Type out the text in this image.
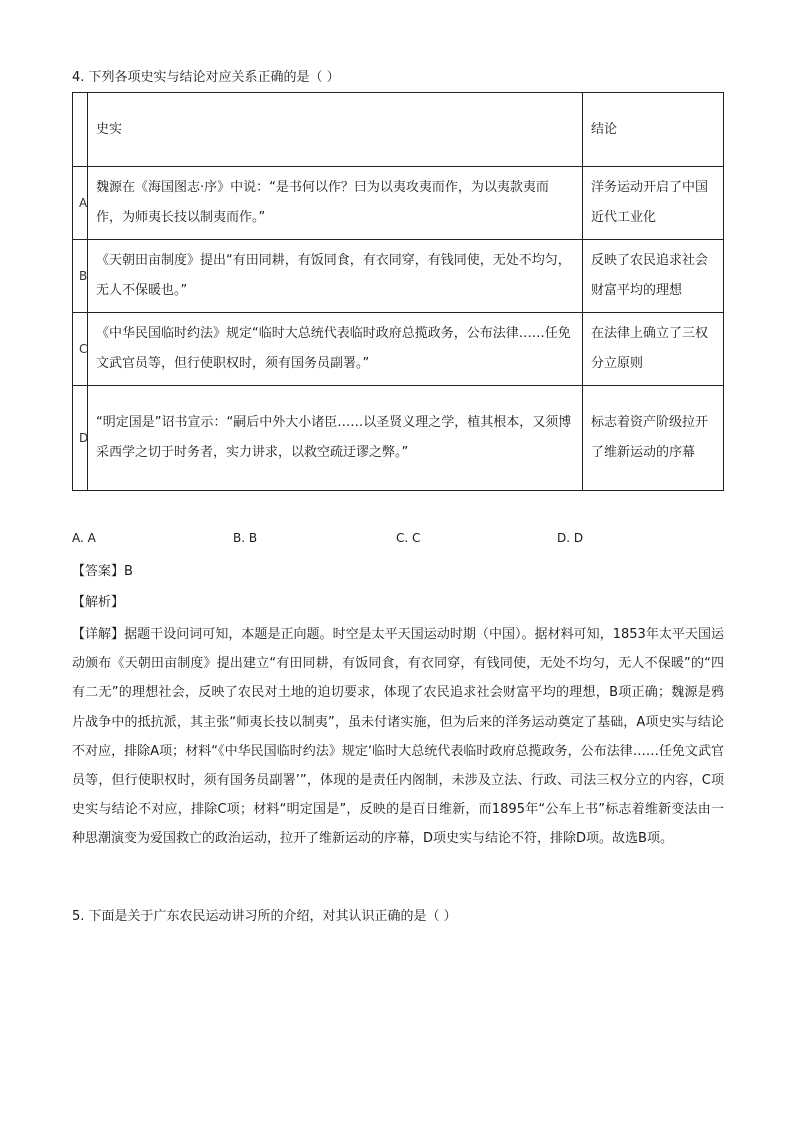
4. 下列各项史实与结论对应关系正确的是（ ）
	史实	结论

A	魏源在《海国图志·序》中说：“是书何以作？曰为以夷攻夷而作，为以夷款夷而作，为师夷长技以制夷而作。”	洋务运动开启了中国近代工业化

B	《天朝田亩制度》提出“有田同耕，有饭同食，有衣同穿，有钱同使，无处不均匀，无人不保暖也。”	反映了农民追求社会财富平均的理想

C	《中华民国临时约法》规定“临时大总统代表临时政府总揽政务，公布法律……任免文武官员等，但行使职权时，须有国务员副署。”	在法律上确立了三权分立原则

D	“明定国是”诏书宣示：“嗣后中外大小诸臣……以圣贤义理之学，植其根本，又须博采西学之切于时务者，实力讲求，以救空疏迂谬之弊。”	标志着资产阶级拉开了维新运动的序幕
A. A	B. B	C. C	D. D
【答案】B
【解析】
【详解】据题干设问词可知，本题是正向题。时空是太平天国运动时期（中国）。据材料可知，1853年太平天国运动颁布《天朝田亩制度》提出建立“有田同耕，有饭同食，有衣同穿，有钱同使，无处不均匀，无人不保暖”的“四有二无”的理想社会，反映了农民对土地的迫切要求，体现了农民追求社会财富平均的理想，B项正确；魏源是鸦片战争中的抵抗派，其主张“师夷长技以制夷”，虽未付诸实施，但为后来的洋务运动奠定了基础，A项史实与结论不对应，排除A项；材料“《中华民国临时约法》规定‘临时大总统代表临时政府总揽政务，公布法律……任免文武官员等，但行使职权时，须有国务员副署’”，体现的是责任内阁制，未涉及立法、行政、司法三权分立的内容，C项史实与结论不对应，排除C项；材料“明定国是”，反映的是百日维新，而1895年“公车上书”标志着维新变法由一种思潮演变为爱国救亡的政治运动，拉开了维新运动的序幕，D项史实与结论不符，排除D项。故选B项。
5. 下面是关于广东农民运动讲习所的介绍，对其认识正确的是（ ）
